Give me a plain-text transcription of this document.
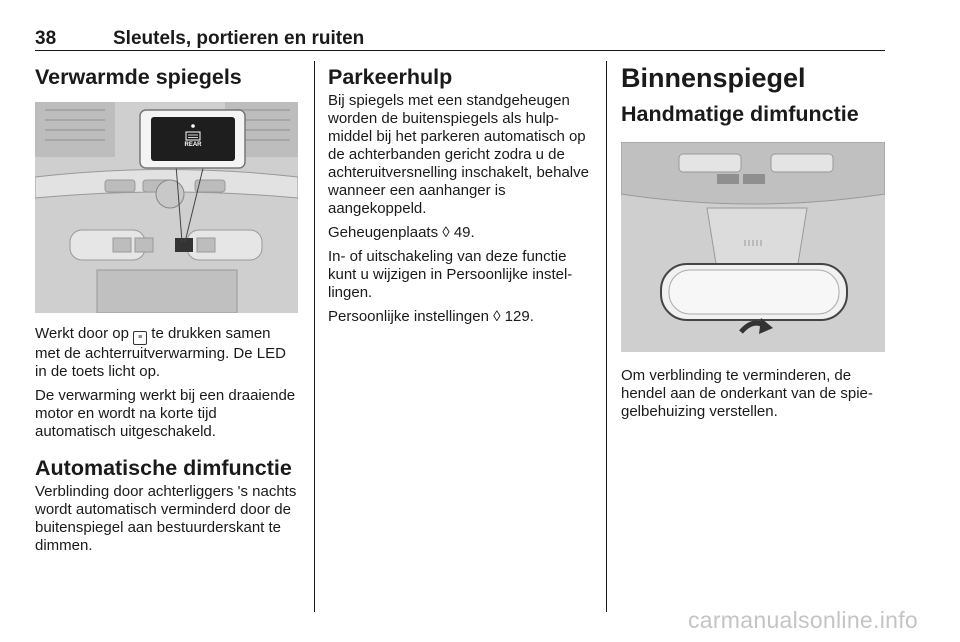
38	Sleutels, portieren en ruiten
Verwarmde spiegels
REAR

Werkt door op ≡ te drukken samen met de achterruitverwarming. De LED in de toets licht op.

De verwarming werkt bij een draaiende motor en wordt na korte tijd automatisch uitgeschakeld.

Automatische dimfunctie

Verblinding door achterliggers 's nachts wordt automatisch verminderd door de buitenspiegel aan bestuurderskant te dimmen.

Parkeerhulp

Bij spiegels met een standgeheugen worden de buitenspiegels als hulpmiddel bij het parkeren automatisch op de achterbanden gericht zodra u de achteruitversnelling inschakelt, behalve wanneer een aanhanger is aangekoppeld.

Geheugenplaats ◊ 49.

In- of uitschakeling van deze functie kunt u wijzigen in Persoonlijke instellingen.

Persoonlijke instellingen ◊ 129.

Binnenspiegel
Handmatige dimfunctie

Om verblinding te verminderen, de hendel aan de onderkant van de spiegelbehuizing verstellen.

carmanualsonline.info
